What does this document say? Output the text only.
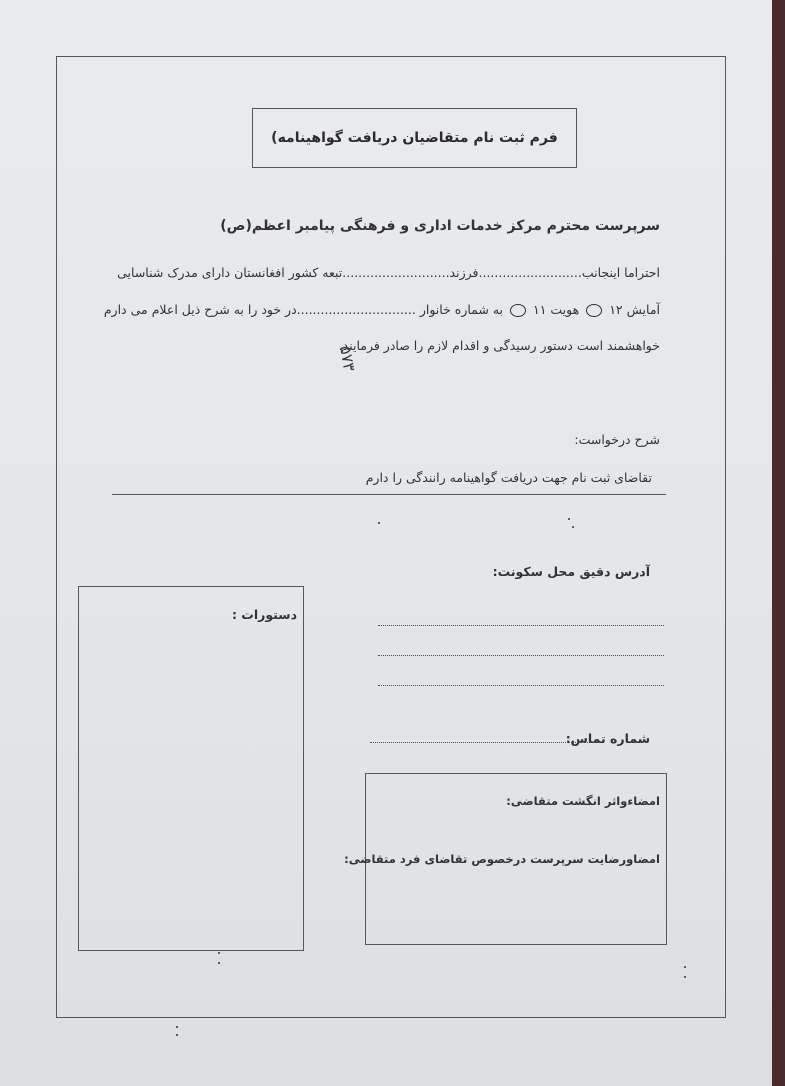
فرم ثبت نام متقاضیان دریافت گواهینامه)
سرپرست محترم مرکز خدمات اداری و فرهنگی پیامبر اعظم(ص)
احتراما اینجانب..........................فرزند...........................تبعه کشور افغانستان دارای مدرک شناسایی
آمایش ۱۲  هویت ۱۱  به شماره خانوار ..............................در خود را به شرح ذیل اعلام می دارم
خواهشمند است دستور رسیدگی و اقدام لازم را صادر فرمایند.
۵۷۳
شرح درخواست:
تقاضای ثبت نام جهت دریافت گواهینامه رانندگی را دارم
آدرس دقیق محل سکونت:
دستورات :
شماره تماس:
امضاءواثر انگشت متقاضی:
امضاورضایت سرپرست درخصوص تقاضای فرد متقاضی:
